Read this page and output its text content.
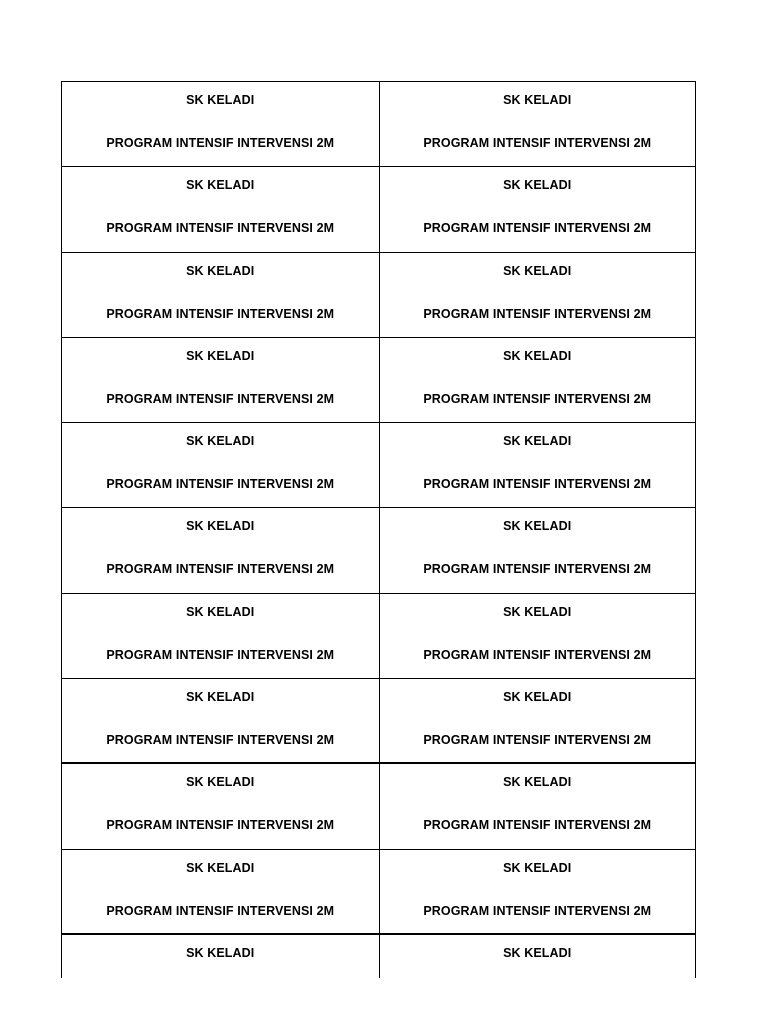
SK KELADI
PROGRAM INTENSIF INTERVENSI 2M
SK KELADI
PROGRAM INTENSIF INTERVENSI 2M
SK KELADI
PROGRAM INTENSIF INTERVENSI 2M
SK KELADI
PROGRAM INTENSIF INTERVENSI 2M
SK KELADI
PROGRAM INTENSIF INTERVENSI 2M
SK KELADI
PROGRAM INTENSIF INTERVENSI 2M
SK KELADI
PROGRAM INTENSIF INTERVENSI 2M
SK KELADI
PROGRAM INTENSIF INTERVENSI 2M
SK KELADI
PROGRAM INTENSIF INTERVENSI 2M
SK KELADI
PROGRAM INTENSIF INTERVENSI 2M
SK KELADI
PROGRAM INTENSIF INTERVENSI 2M
SK KELADI
PROGRAM INTENSIF INTERVENSI 2M
SK KELADI
PROGRAM INTENSIF INTERVENSI 2M
SK KELADI
PROGRAM INTENSIF INTERVENSI 2M
SK KELADI
PROGRAM INTENSIF INTERVENSI 2M
SK KELADI
PROGRAM INTENSIF INTERVENSI 2M
SK KELADI
PROGRAM INTENSIF INTERVENSI 2M
SK KELADI
PROGRAM INTENSIF INTERVENSI 2M
SK KELADI
PROGRAM INTENSIF INTERVENSI 2M
SK KELADI
PROGRAM INTENSIF INTERVENSI 2M
SK KELADI	SK KELADI
